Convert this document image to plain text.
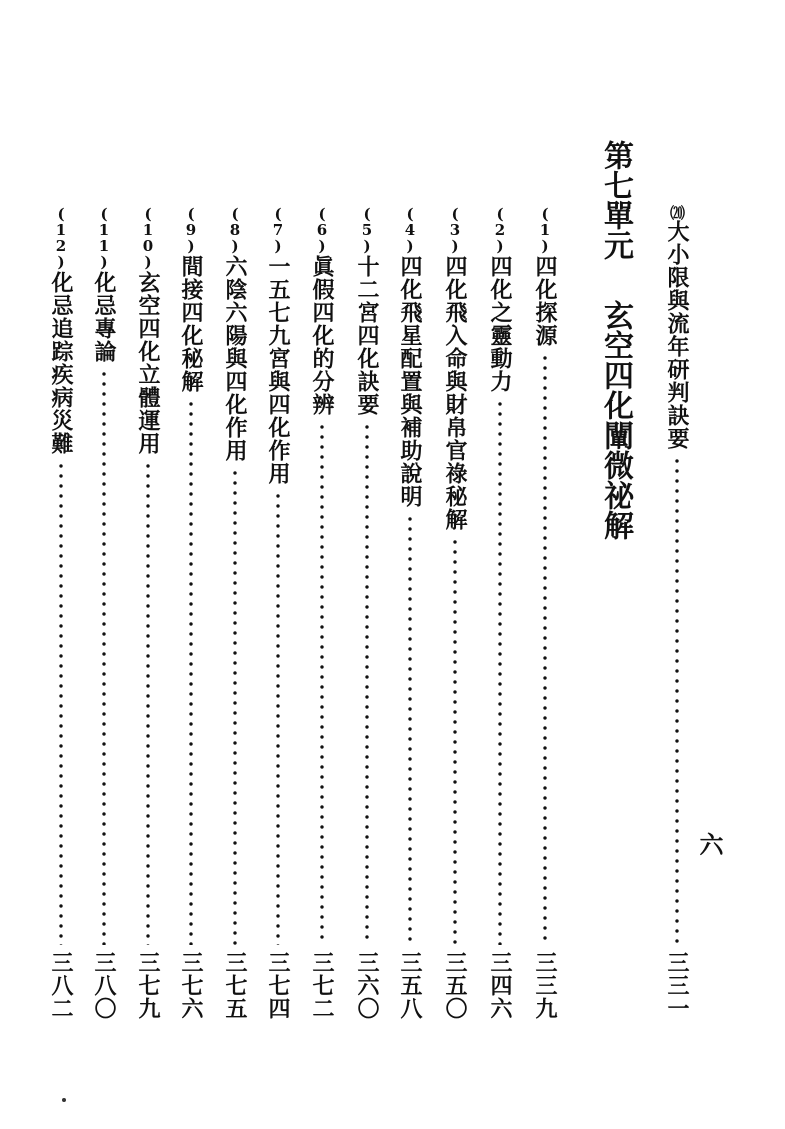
⒇
大小限與流年研判訣要
三三一
六
第七單元玄空四化闡微祕解
(1)
四化探源
三三九
(2)
四化之靈動力
三四六
(3)
四化飛入命與財帛官祿秘解
三五〇
(4)
四化飛星配置與補助說明
三五八
(5)
十二宮四化訣要
三六〇
(6)
眞假四化的分辨
三七二
(7)
一五七九宮與四化作用
三七四
(8)
六陰六陽與四化作用
三七五
(9)
間接四化秘解
三七六
(10)
玄空四化立體運用
三七九
(11)
化忌專論
三八〇
(12)
化忌追踪疾病災難
三八二
